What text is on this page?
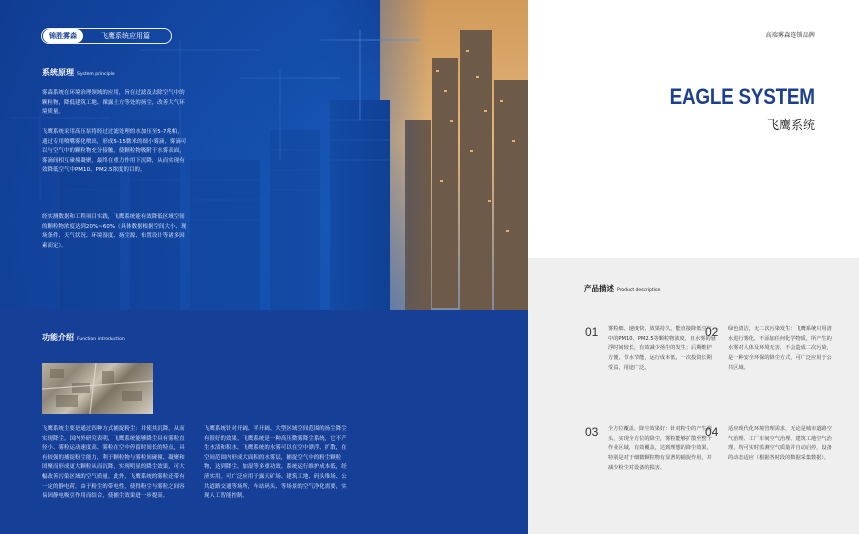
锦胜雾森	飞鹰系统应用篇
系统原理 System principle

雾森系统在环境治理领域的应用，旨在过滤及去除空气中的颗粒物，降低建筑工地、裸露土方等处的扬尘，改善大气环境质量。

飞鹰系统采用高压泵将经过过滤处理的水加压至5-7兆帕，通过专用喷嘴雾化喷出，形成5-15微米的细小雾滴，雾滴可以与空气中的颗粒物充分接触，使颗粒物吸附于水雾表面，雾滴间相互碰撞凝聚，最终在重力作用下沉降，从而实现有效降低空气中PM10、PM2.5浓度的目的。

经实测数据和工程项目实践，飞鹰系统能有效降低区域空间的颗粒物浓度达到20%~60%（具体数据根据空间大小、现场条件、天气状况、环境湿度、扬尘源、布置设计等诸多因素而定）。

功能介绍 Function introduction

飞鹰系统主要是通过四种方式捕捉粉尘：并使其沉降，从而实现降尘。国内外研究表明，飞鹰系统能够降尘具有雾粒直径小、雾粒运动速度高、雾粒在空中停留时间长的特点，具有较强的捕捉粉尘能力，利于颗粒物与雾粒间碰撞、凝聚和团聚而形成更大颗粒从而沉降，实现明显的降尘效果，可大幅改善污染区域的空气质量。此外，飞鹰系统的雾粒还带有一定的静电荷，由于粉尘的带电性，使得粉尘与雾粒之间容易因静电吸引作用而结合，使捕尘效果进一步提高。

飞鹰系统针对开阔、半开阔、大型区域空间范围的扬尘降尘有很好的效果。飞鹰系统是一种高压微雾降尘系统，它不产生水渍和积水。飞鹰系统的水雾可以在空中漂浮、扩散，在空间范围内形成大面积的水雾层，捕捉空气中的粉尘颗粒物，达到降尘、加湿等多重功效。系统运行维护成本低，经济实用。可广泛应用于露天矿场、建筑工地、码头堆场、公共道路交通等场所，车站码头、等场景的空气净化需要，实现人工智能控制。

高端雾森连锁品牌
EAGLE SYSTEM
飞鹰系统
产品描述 Product description
01	雾粒细、速度快、效果持久，能直接降低空气中的PM10、PM2.5等颗粒物浓度，且水雾的悬浮时间较长，有效减少扬尘的发生；后期维护方便，节水节能，运行成本低，一次投资长期受益，用途广泛。
02	绿色清洁，无二次污染发生：飞鹰系统只用清水进行雾化，不添加任何化学物质，所产生的水雾对人体及环境无害，不会造成二次污染，是一种安全环保的降尘方式，可广泛应用于公共区域。
03	全方位覆盖，降尘效果好：针对粉尘的产生源头，实现全方位的降尘，雾粒能够扩散至整个作业区域，有效覆盖，达到理想的降尘效果，特别是对于细微颗粒物有显著的捕捉作用，并减少粉尘对设备的损害。
04	适应现代化环境管理需求，无论是城市道路空气治理、工厂车间空气治理、建筑工地空气治理，均可实时监测空气质量并自动启停，设备的动态适应（根据各时段的数据采集数据）。
